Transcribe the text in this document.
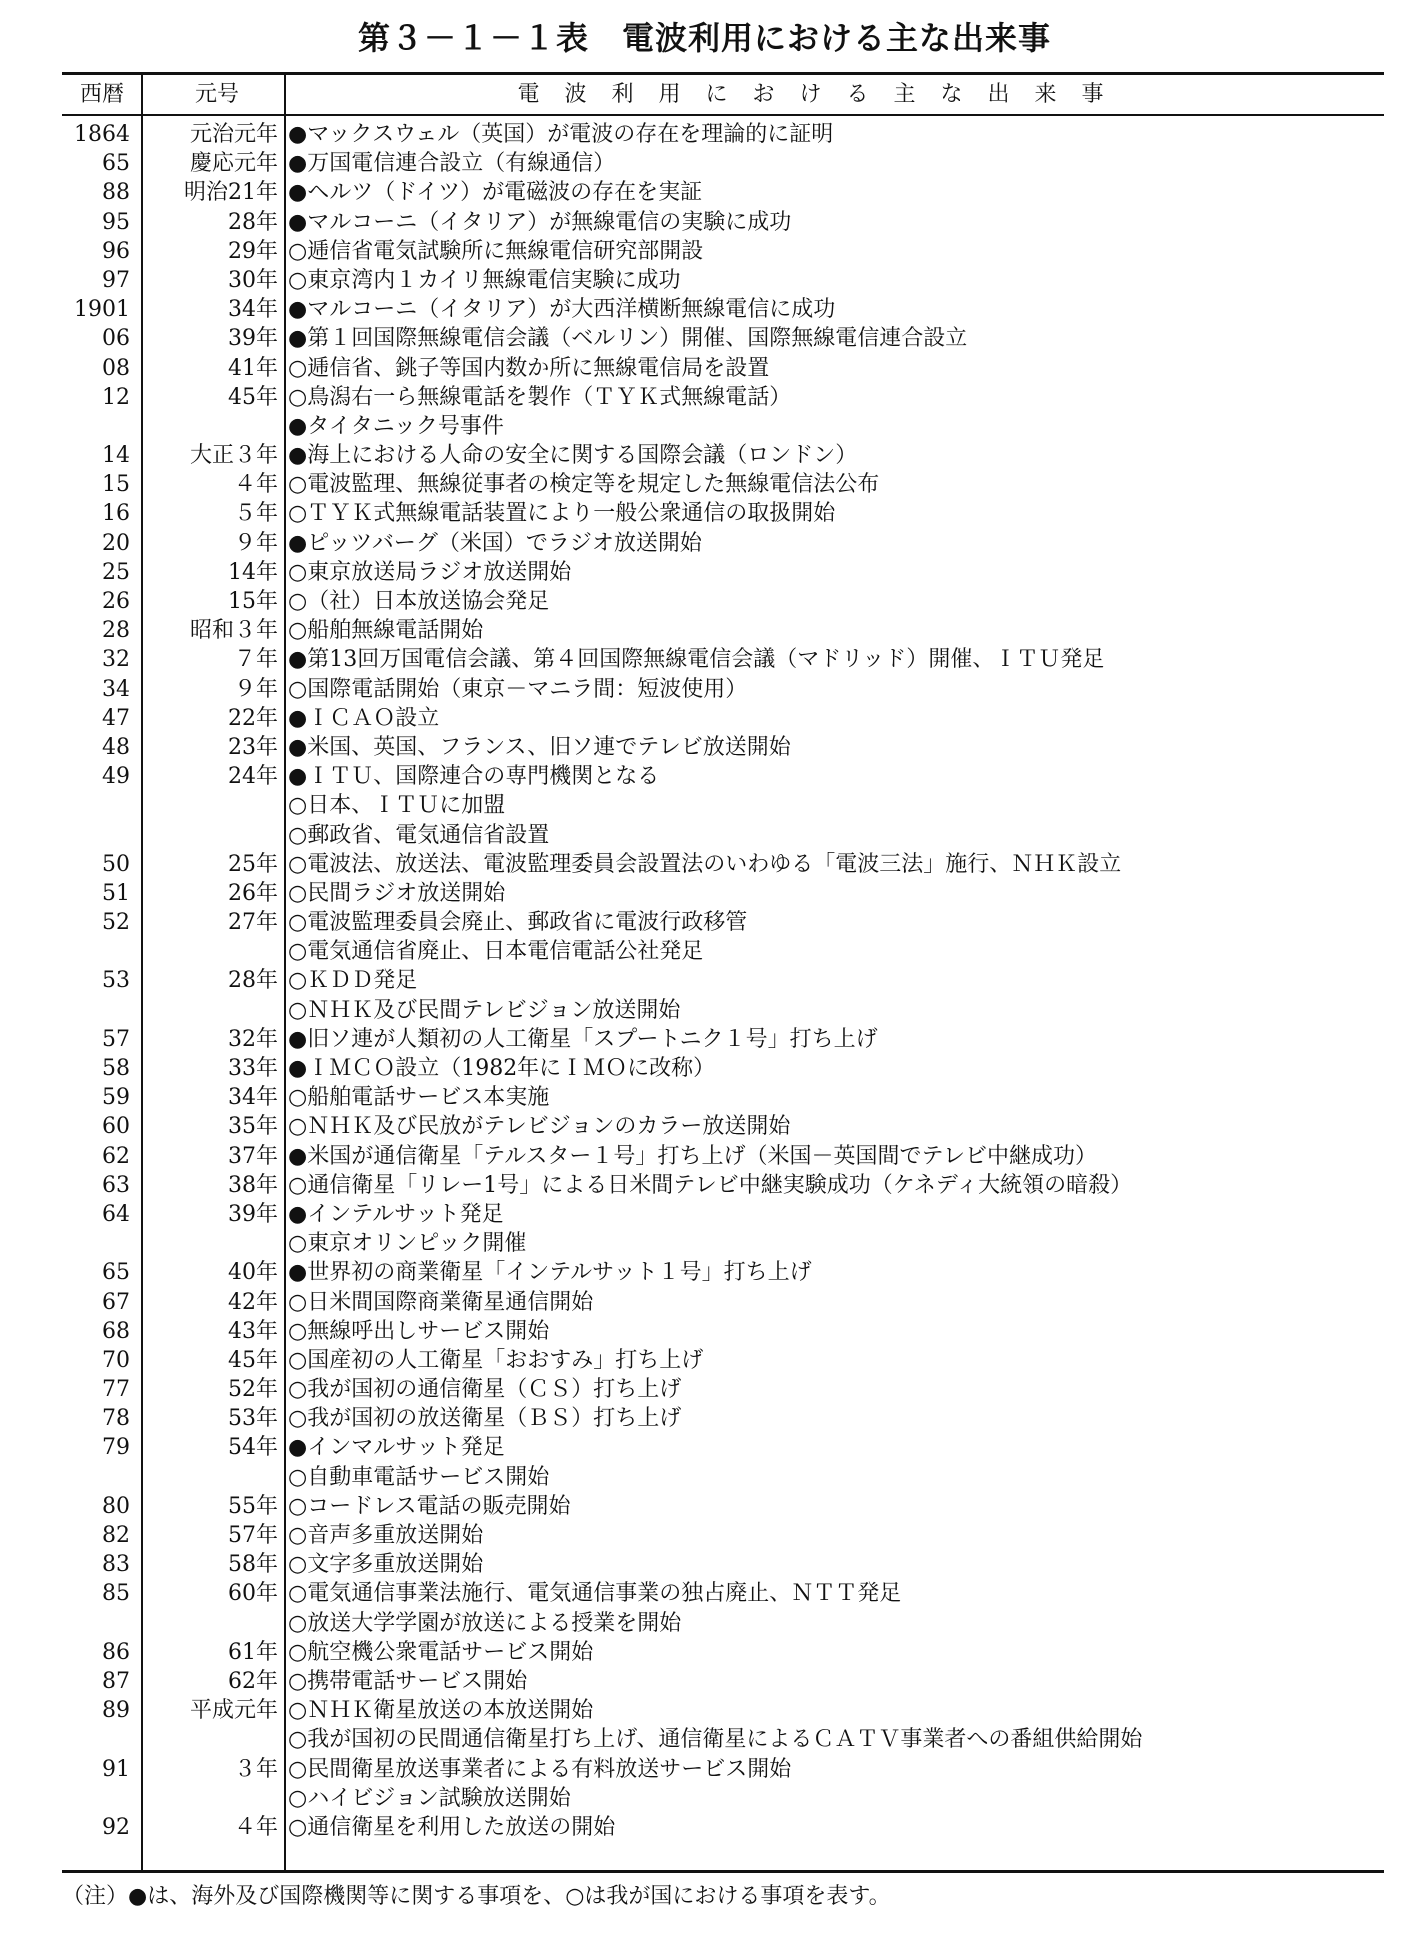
第３－１－１表　電波利用における主な出来事
西暦	元号	電波利用における主な出来事
1864	元治元年 ●マックスウェル（英国）が電波の存在を理論的に証明
65	慶応元年 ●万国電信連合設立（有線通信）
88	明治21年 ●ヘルツ（ドイツ）が電磁波の存在を実証
95	28年 ●マルコーニ（イタリア）が無線電信の実験に成功
96	29年 ○逓信省電気試験所に無線電信研究部開設
97	30年 ○東京湾内１カイリ無線電信実験に成功
1901	34年 ●マルコーニ（イタリア）が大西洋横断無線電信に成功
06	39年 ●第１回国際無線電信会議（ベルリン）開催、国際無線電信連合設立
08	41年 ○逓信省、銚子等国内数か所に無線電信局を設置
12	45年 ○鳥潟右一ら無線電話を製作（ＴＹＫ式無線電話）
●タイタニック号事件
14	大正３年 ●海上における人命の安全に関する国際会議（ロンドン）
15	４年 ○電波監理、無線従事者の検定等を規定した無線電信法公布
16	５年 ○ＴＹＫ式無線電話装置により一般公衆通信の取扱開始
20	９年 ●ピッツバーグ（米国）でラジオ放送開始
25	14年 ○東京放送局ラジオ放送開始
26	15年 ○（社）日本放送協会発足
28	昭和３年 ○船舶無線電話開始
32	７年 ●第13回万国電信会議、第４回国際無線電信会議（マドリッド）開催、ＩＴＵ発足
34	９年 ○国際電話開始（東京－マニラ間：短波使用）
47	22年 ●ＩＣＡＯ設立
48	23年 ●米国、英国、フランス、旧ソ連でテレビ放送開始
49	24年 ●ＩＴＵ、国際連合の専門機関となる
○日本、ＩＴＵに加盟
○郵政省、電気通信省設置
50	25年 ○電波法、放送法、電波監理委員会設置法のいわゆる「電波三法」施行、ＮＨＫ設立
51	26年 ○民間ラジオ放送開始
52	27年 ○電波監理委員会廃止、郵政省に電波行政移管
○電気通信省廃止、日本電信電話公社発足
53	28年 ○ＫＤＤ発足
○ＮＨＫ及び民間テレビジョン放送開始
57	32年 ●旧ソ連が人類初の人工衛星「スプートニク１号」打ち上げ
58	33年 ●ＩＭＣＯ設立（1982年にＩＭＯに改称）
59	34年 ○船舶電話サービス本実施
60	35年 ○ＮＨＫ及び民放がテレビジョンのカラー放送開始
62	37年 ●米国が通信衛星「テルスター１号」打ち上げ（米国－英国間でテレビ中継成功）
63	38年 ○通信衛星「リレー1号」による日米間テレビ中継実験成功（ケネディ大統領の暗殺）
64	39年 ●インテルサット発足
○東京オリンピック開催
65	40年 ●世界初の商業衛星「インテルサット１号」打ち上げ
67	42年 ○日米間国際商業衛星通信開始
68	43年 ○無線呼出しサービス開始
70	45年 ○国産初の人工衛星「おおすみ」打ち上げ
77	52年 ○我が国初の通信衛星（ＣＳ）打ち上げ
78	53年 ○我が国初の放送衛星（ＢＳ）打ち上げ
79	54年 ●インマルサット発足
○自動車電話サービス開始
80	55年 ○コードレス電話の販売開始
82	57年 ○音声多重放送開始
83	58年 ○文字多重放送開始
85	60年 ○電気通信事業法施行、電気通信事業の独占廃止、ＮＴＴ発足
○放送大学学園が放送による授業を開始
86	61年 ○航空機公衆電話サービス開始
87	62年 ○携帯電話サービス開始
89	平成元年 ○ＮＨＫ衛星放送の本放送開始
○我が国初の民間通信衛星打ち上げ、通信衛星によるＣＡＴＶ事業者への番組供給開始
91	３年 ○民間衛星放送事業者による有料放送サービス開始
○ハイビジョン試験放送開始
92	４年 ○通信衛星を利用した放送の開始
（注）●は、海外及び国際機関等に関する事項を、○は我が国における事項を表す。
